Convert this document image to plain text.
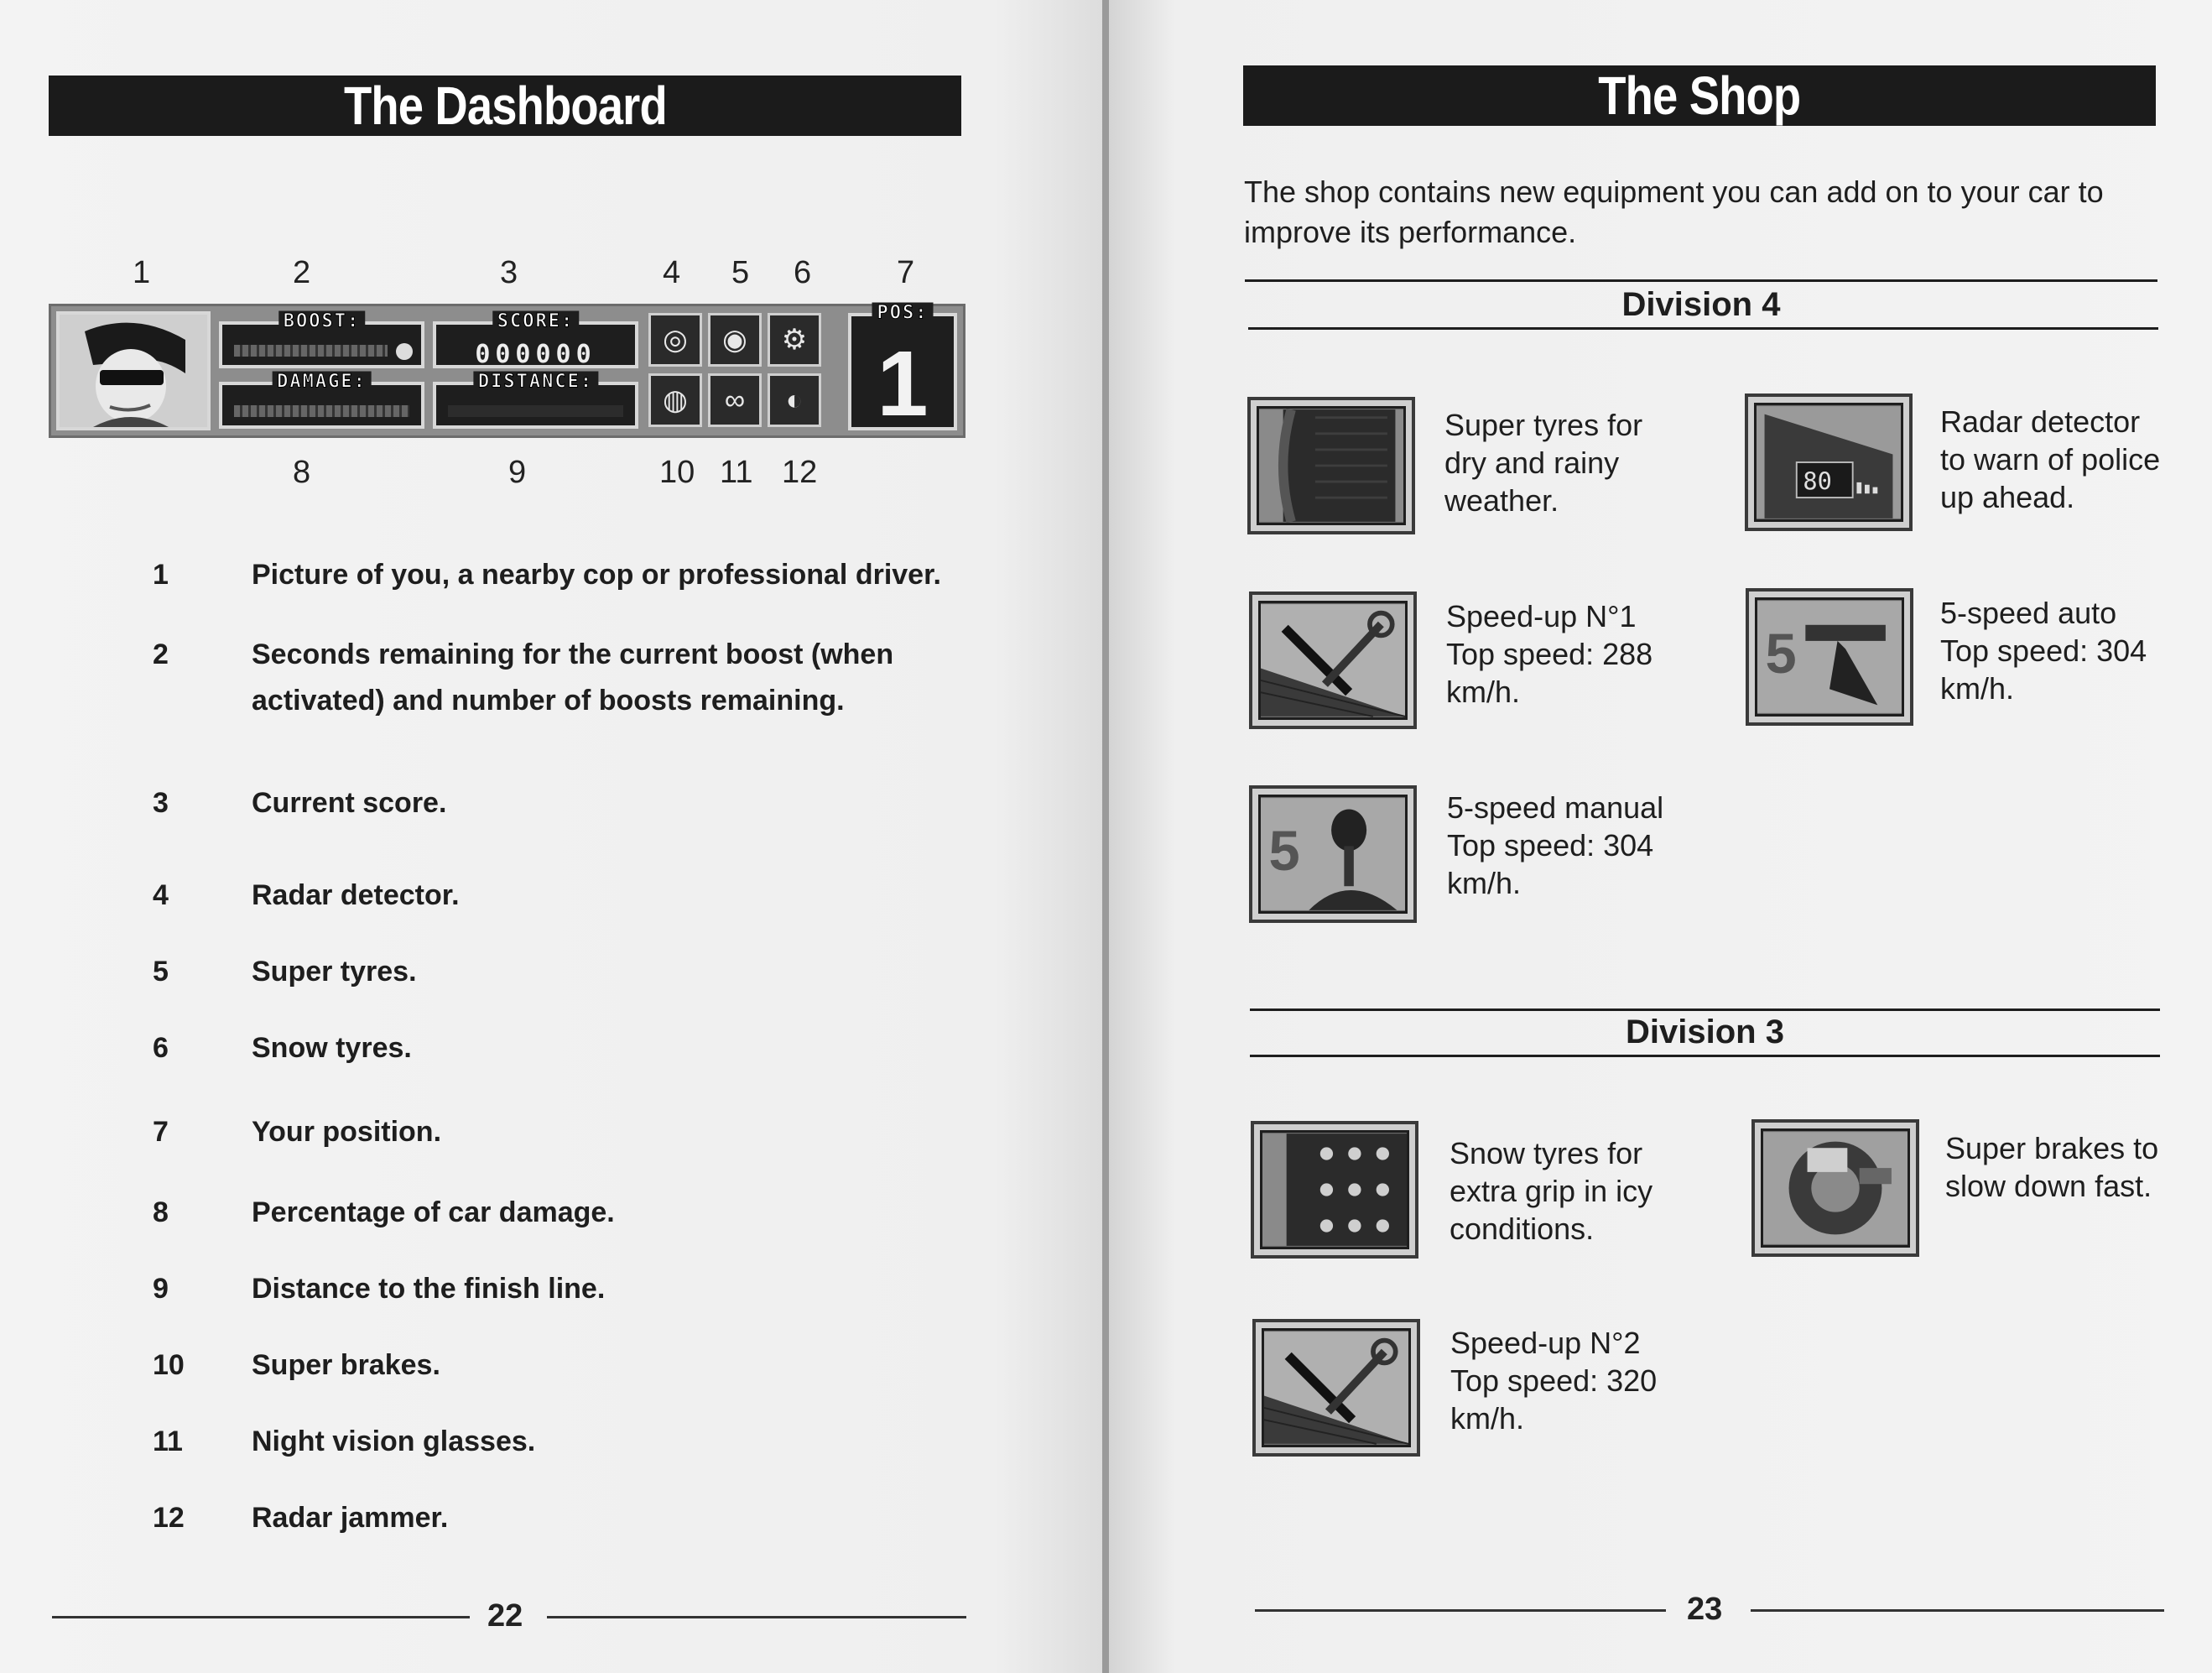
The Dashboard
1	2	3	4 5 6	7
BOOST:
DAMAGE:
SCORE:
000000
DISTANCE:
◎	◉	⚙
◍	∞	◐
POS:
1
8	9	10 11 12
1	Picture of you, a nearby cop or professional driver.
2	Seconds remaining for the current boost (when activated) and number of boosts remaining.
3	Current score.
4	Radar detector.
5	Super tyres.
6	Snow tyres.
7	Your position.
8	Percentage of car damage.
9	Distance to the finish line.
10	Super brakes.
11	Night vision glasses.
12	Radar jammer.
22
The Shop
The shop contains new equipment you can add on to your car to improve its performance.
Division 4
Super tyres for dry and rainy weather.
80
Radar detector to warn of police up ahead.
Speed-up N°1 Top speed: 288 km/h.
5
5-speed auto Top speed: 304 km/h.
5
5-speed manual Top speed: 304 km/h.
Division 3
Snow tyres for extra grip in icy conditions.
Super brakes to slow down fast.
Speed-up N°2 Top speed: 320 km/h.
23
